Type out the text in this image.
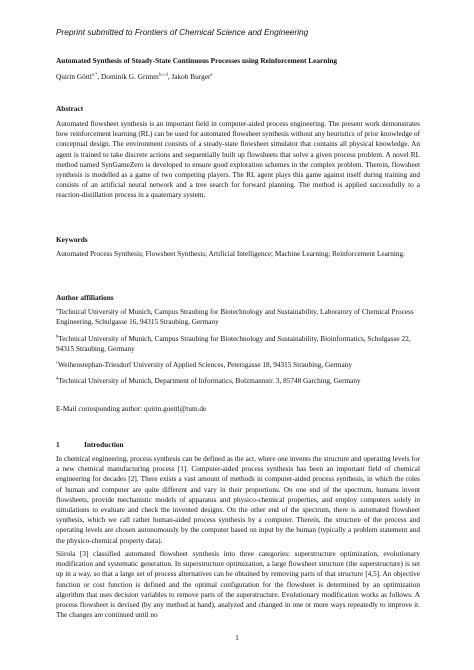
Preprint submitted to Frontiers of Chemical Science and Engineering
Automated Synthesis of Steady-State Continuous Processes using Reinforcement Learning
Quirin Göttl$^{a,*}$, Dominik G. Grimm$^{b,c,d}$, Jakob Burger$^a$
Abstract
Automated flowsheet synthesis is an important field in computer-aided process engineering. The present work demonstrates how reinforcement learning (RL) can be used for automated flowsheet synthesis without any heuristics of prior knowledge of conceptual design. The environment consists of a steady-state flowsheet simulator that contains all physical knowledge. An agent is trained to take discrete actions and sequentially built up flowsheets that solve a given process problem. A novel RL method named SynGameZero is developed to ensure good exploration schemes in the complex problem. Therein, flowsheet synthesis is modelled as a game of two competing players. The RL agent plays this game against itself during training and consists of an artificial neural network and a tree search for forward planning. The method is applied successfully to a reaction-distillation process in a quaternary system.
Keywords
Automated Process Synthesis; Flowsheet Synthesis; Artificial Intelligence; Machine Learning; Reinforcement Learning.
Author affiliations
$^a$Technical University of Munich, Campus Straubing for Biotechnology and Sustainability, Laboratory of Chemical Process Engineering, Schulgasse 16, 94315 Straubing, Germany
$^b$Technical University of Munich, Campus Straubing for Biotechnology and Sustainability, Bioinformatics, Schulgasse 22, 94315 Straubing, Germany
$^c$Weihenstephan-Triesdorf University of Applied Sciences, Petersgasse 18, 94315 Straubing, Germany
$^d$Technical University of Munich, Department of Informatics, Bolzmannstr. 3, 85748 Garching, Germany
E-Mail corresponding author: quirin.goettl@tum.de
1	Introduction
In chemical engineering, process synthesis can be defined as the act, where one invents the structure and operating levels for a new chemical manufacturing process [1]. Computer-aided process synthesis has been an important field of chemical engineering for decades [2]. There exists a vast amount of methods in computer-aided process synthesis, in which the roles of human and computer are quite different and vary in their proportions. On one end of the spectrum, humans invent flowsheets, provide mechanistic models of apparatus and physico-chemical properties, and employ computers solely in simulations to evaluate and check the invented designs. On the other end of the spectrum, there is automated flowsheet synthesis, which we call rather human-aided process synthesis by a computer. Therein, the structure of the process and operating levels are chosen autonomously by the computer based on input by the human (typically a problem statement and the physico-chemical property data).
Siirola [3] classified automated flowsheet synthesis into three categories: superstructure optimization, evolutionary modification and systematic generation. In superstructure optimization, a large flowsheet structure (the superstructure) is set up in a way, so that a large set of process alternatives can be obtained by removing parts of that structure [4,5]. An objective function or cost function is defined and the optimal configuration for the flowsheet is determined by an optimization algorithm that uses decision variables to remove parts of the superstructure. Evolutionary modification works as follows: A process flowsheet is devised (by any method at hand), analyzed and changed in one or more ways repeatedly to improve it. The changes are continued until no
1
